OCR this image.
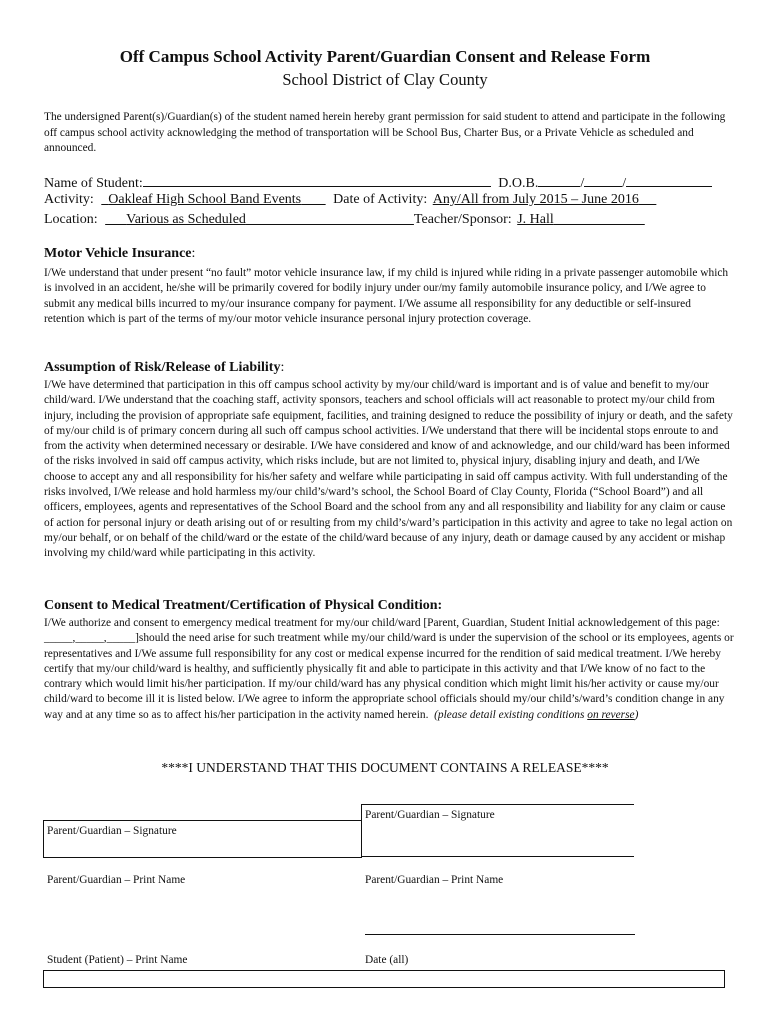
Off Campus School Activity Parent/Guardian Consent and Release Form
School District of Clay County
The undersigned Parent(s)/Guardian(s) of the student named herein hereby grant permission for said student to attend and participate in the following off campus school activity acknowledging the method of transportation will be School Bus, Charter Bus, or a Private Vehicle as scheduled and announced.
Name of Student:	D.O.B.	/	/
Activity: Oakleaf High School Band Events Date of Activity: Any/All from July 2015 – June 2016
Location: Various as Scheduled	Teacher/Sponsor: J. Hall
Motor Vehicle Insurance:
I/We understand that under present “no fault” motor vehicle insurance law, if my child is injured while riding in a private passenger automobile which is involved in an accident, he/she will be primarily covered for bodily injury under our/my family automobile insurance policy, and I/We agree to submit any medical bills incurred to my/our insurance company for payment. I/We assume all responsibility for any deductible or self-insured retention which is part of the terms of my/our motor vehicle insurance personal injury protection coverage.
Assumption of Risk/Release of Liability:
I/We have determined that participation in this off campus school activity by my/our child/ward is important and is of value and benefit to my/our child/ward. I/We understand that the coaching staff, activity sponsors, teachers and school officials will act reasonable to protect my/our child from injury, including the provision of appropriate safe equipment, facilities, and training designed to reduce the possibility of injury or death, and the safety of my/our child is of primary concern during all such off campus school activities. I/We understand that there will be incidental stops enroute to and from the activity when determined necessary or desirable. I/We have considered and know of and acknowledge, and our child/ward has been informed of the risks involved in said off campus activity, which risks include, but are not limited to, physical injury, disabling injury and death, and I/We choose to accept any and all responsibility for his/her safety and welfare while participating in said off campus activity. With full understanding of the risks involved, I/We release and hold harmless my/our child’s/ward’s school, the School Board of Clay County, Florida (“School Board”) and all officers, employees, agents and representatives of the School Board and the school from any and all responsibility and liability for any claim or cause of action for personal injury or death arising out of or resulting from my child’s/ward’s participation in this activity and agree to take no legal action on my/our behalf, or on behalf of the child/ward or the estate of the child/ward because of any injury, death or damage caused by any accident or mishap involving my child/ward while participating in this activity.
Consent to Medical Treatment/Certification of Physical Condition:
I/We authorize and consent to emergency medical treatment for my/our child/ward [Parent, Guardian, Student Initial acknowledgement of this page: _____,_____,_____]should the need arise for such treatment while my/our child/ward is under the supervision of the school or its employees, agents or representatives and I/We assume full responsibility for any cost or medical expense incurred for the rendition of said medical treatment. I/We hereby certify that my/our child/ward is healthy, and sufficiently physically fit and able to participate in this activity and that I/We know of no fact to the contrary which would limit his/her participation. If my/our child/ward has any physical condition which might limit his/her activity or cause my/our child/ward to become ill it is listed below. I/We agree to inform the appropriate school officials should my/our child’s/ward’s condition change in any way and at any time so as to affect his/her participation in the activity named herein. (please detail existing conditions on reverse)
****I UNDERSTAND THAT THIS DOCUMENT CONTAINS A RELEASE****
Parent/Guardian – Signature
Parent/Guardian – Signature
Parent/Guardian – Print Name	Parent/Guardian – Print Name
Student (Patient) – Print Name	Date (all)
